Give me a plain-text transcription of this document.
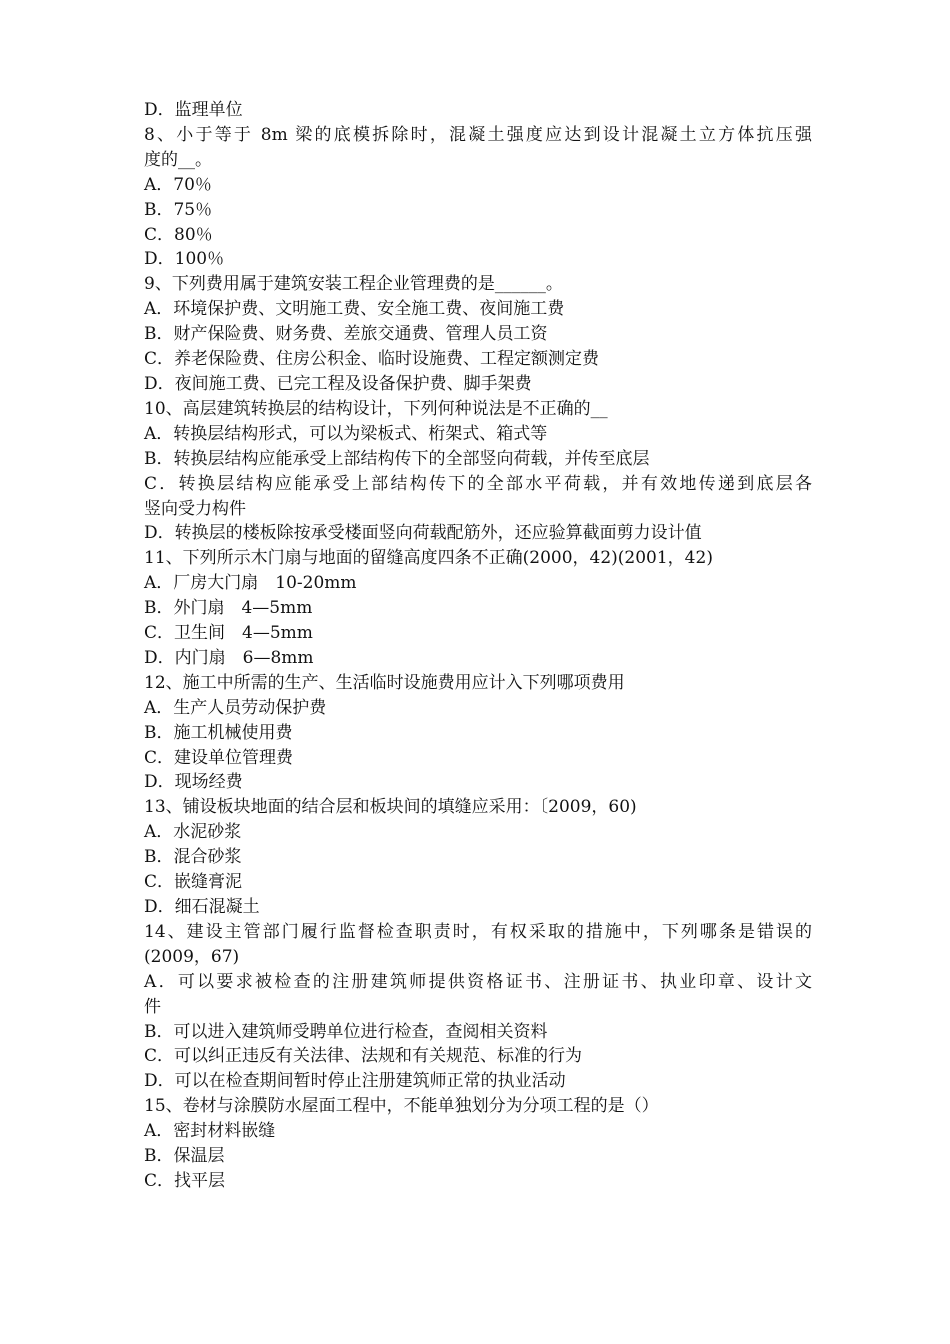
D．监理单位
8、小于等于 8m 梁的底模拆除时，混凝土强度应达到设计混凝土立方体抗压强
度的__。
A．70％
B．75％
C．80％
D．100％
9、下列费用属于建筑安装工程企业管理费的是______。
A．环境保护费、文明施工费、安全施工费、夜间施工费
B．财产保险费、财务费、差旅交通费、管理人员工资
C．养老保险费、住房公积金、临时设施费、工程定额测定费
D．夜间施工费、已完工程及设备保护费、脚手架费
10、高层建筑转换层的结构设计，下列何种说法是不正确的__
A．转换层结构形式，可以为梁板式、桁架式、箱式等
B．转换层结构应能承受上部结构传下的全部竖向荷载，并传至底层
C．转换层结构应能承受上部结构传下的全部水平荷载，并有效地传递到底层各
竖向受力构件
D．转换层的楼板除按承受楼面竖向荷载配筋外，还应验算截面剪力设计值
11、下列所示木门扇与地面的留缝高度四条不正确(2000，42)(2001，42)
A．厂房大门扇　10-20mm
B．外门扇　4—5mm
C．卫生间　4—5mm
D．内门扇　6—8mm
12、施工中所需的生产、生活临时设施费用应计入下列哪项费用
A．生产人员劳动保护费
B．施工机械使用费
C．建设单位管理费
D．现场经费
13、铺设板块地面的结合层和板块间的填缝应采用：〔2009，60)
A．水泥砂浆
B．混合砂浆
C．嵌缝膏泥
D．细石混凝土
14、建设主管部门履行监督检查职责时，有权采取的措施中，下列哪条是错误的
(2009，67)
A．可以要求被检查的注册建筑师提供资格证书、注册证书、执业印章、设计文
件
B．可以进入建筑师受聘单位进行检查，查阅相关资料
C．可以纠正违反有关法律、法规和有关规范、标准的行为
D．可以在检查期间暂时停止注册建筑师正常的执业活动
15、卷材与涂膜防水屋面工程中，不能单独划分为分项工程的是（）
A．密封材料嵌缝
B．保温层
C．找平层
